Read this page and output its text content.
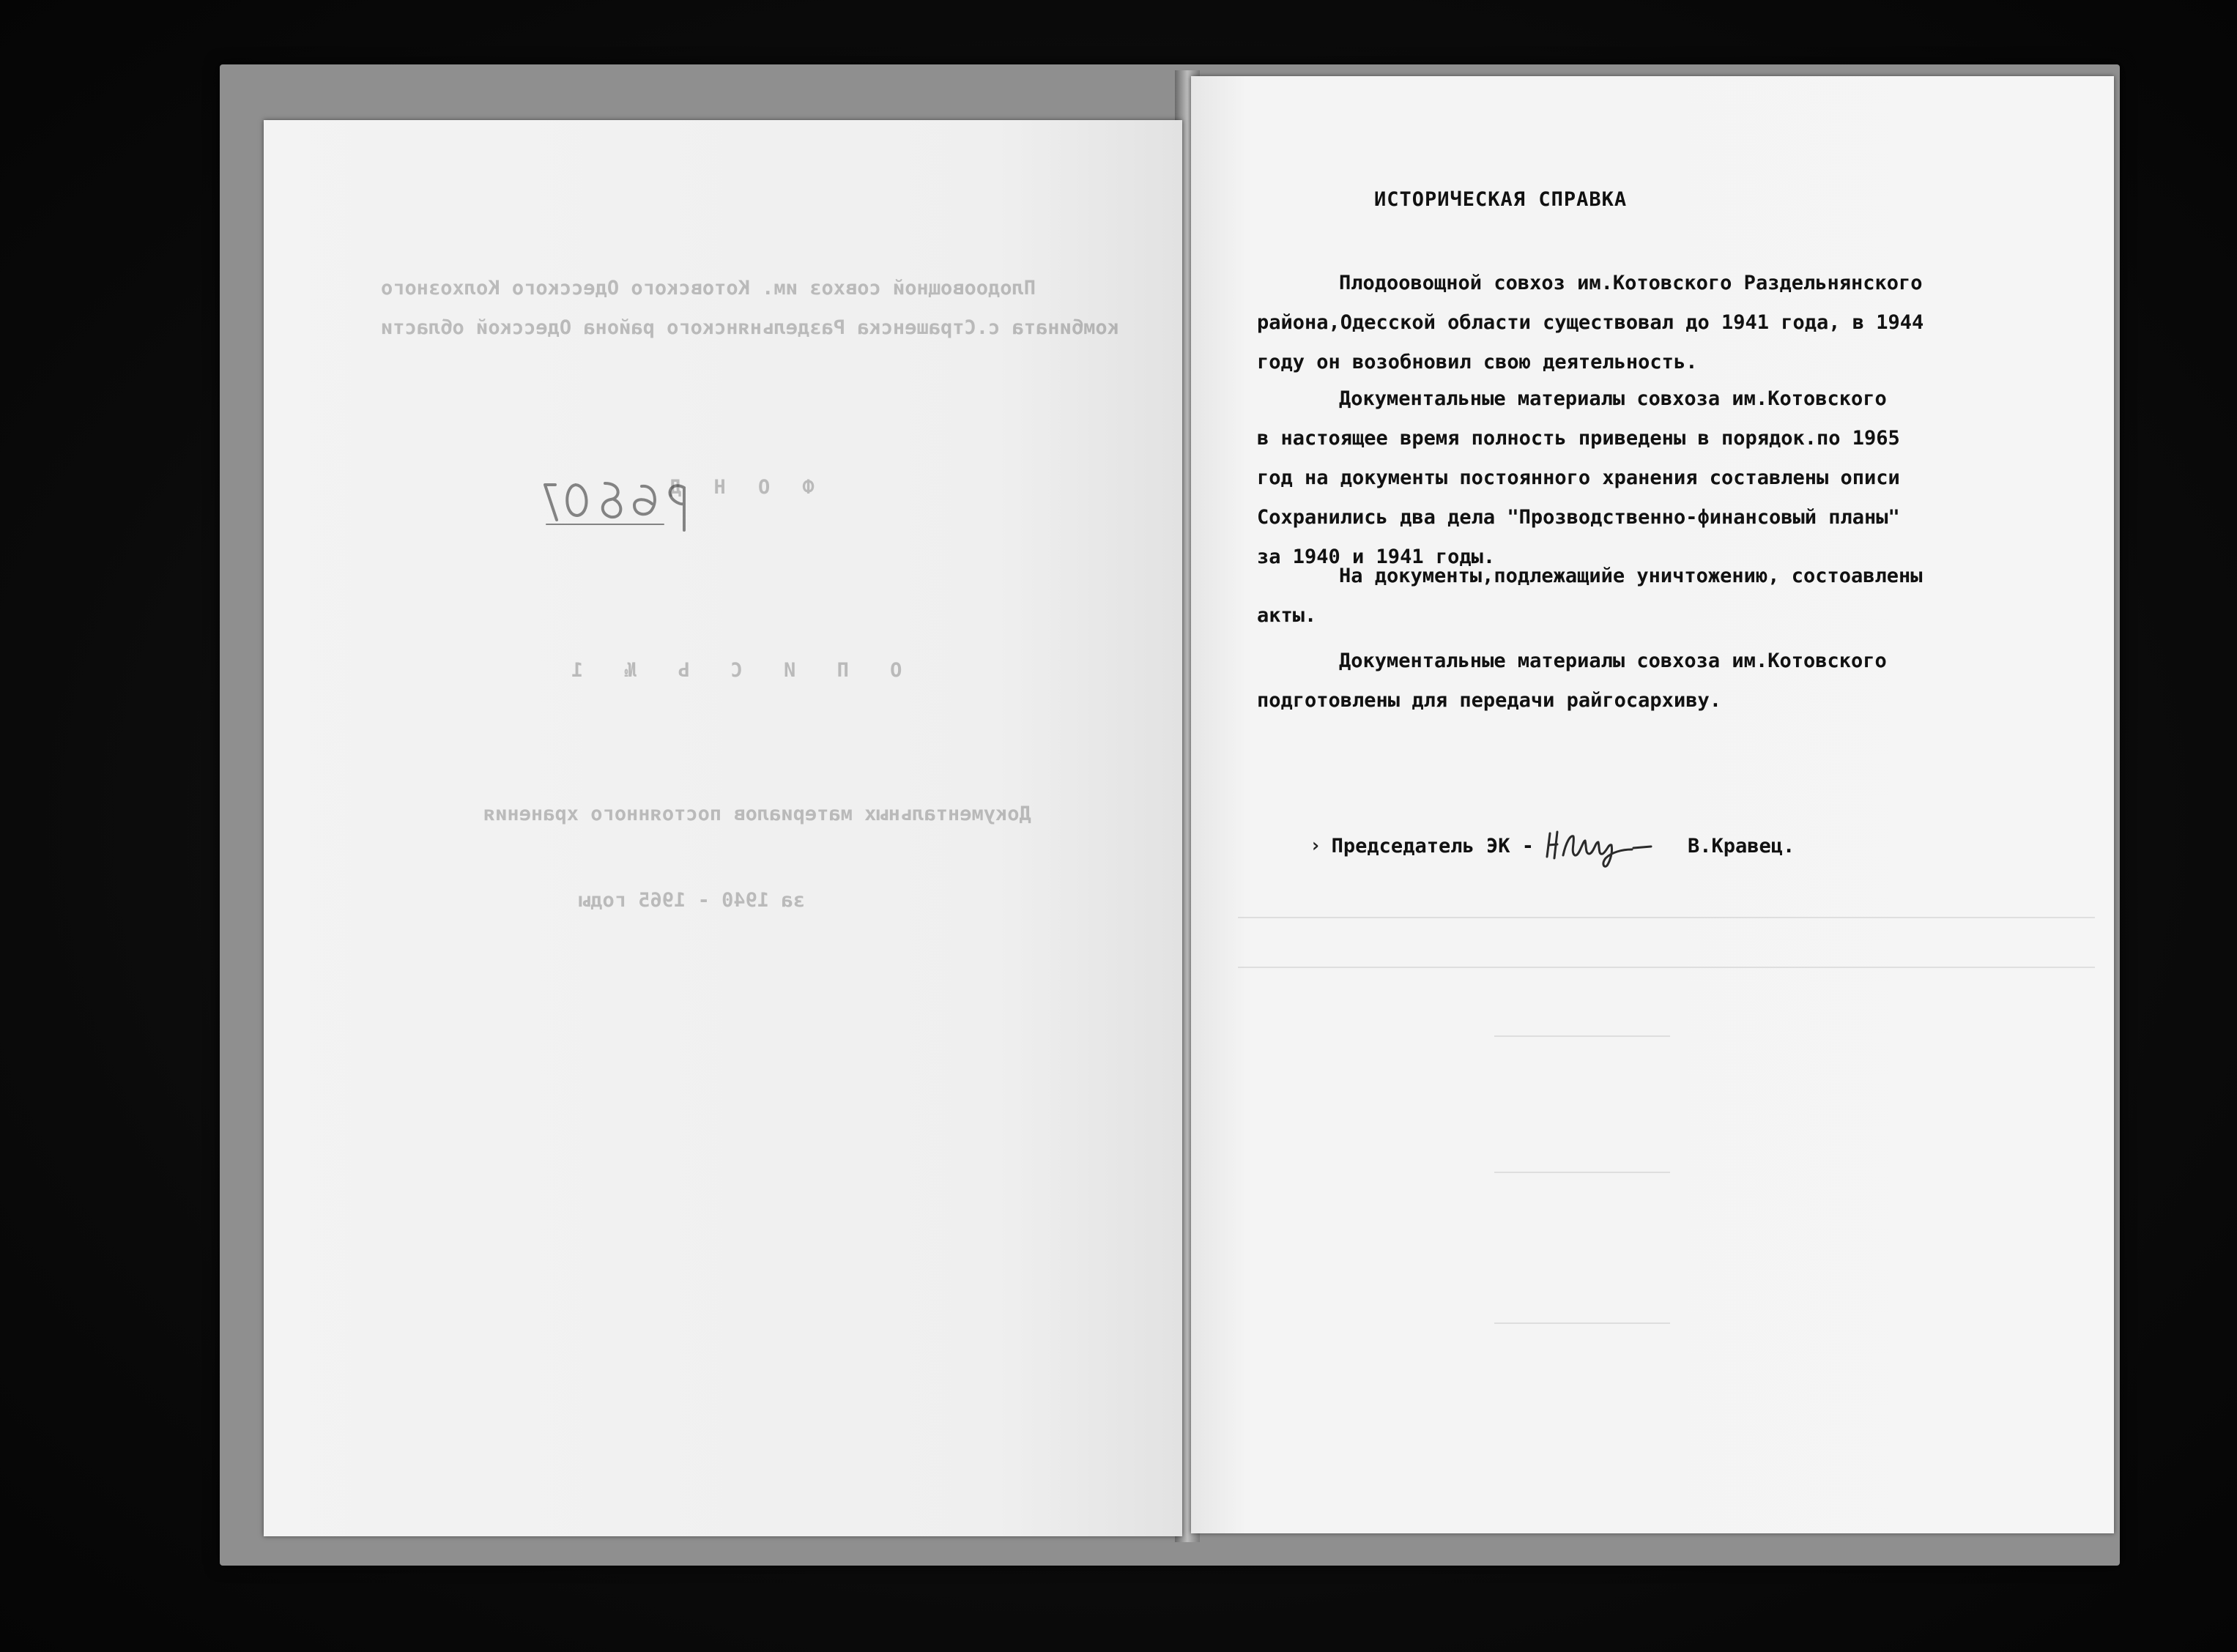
Плодоовощной совхоз им. Котовского Одесского Колхозного
комбината с.Страшенска Раздельнянского района Одесской области
Ф О Н Д
О П И С Ь № 1
Документальных материалов постоянного хранения
за 1940 - 1965 годы
ИСТОРИЧЕСКАЯ СПРАВКА
Плодоовощной совхоз им.Котовского Раздельнянского
района,Одесской области существовал до 1941 года, в 1944
году он возобновил свою деятельность.
Документальные материалы совхоза им.Котовского
в настоящее время полность приведены в порядок.по 1965
год на документы постоянного хранения составлены описи
Сохранились два дела "Прозводственно-финансовый планы"
за 1940 и 1941 годы.
На документы,подлежащийе уничтожению, состоавлены
акты.
Документальные материалы совхоза им.Котовского
подготовлены для передачи райгосархиву.
› Председатель ЭК -	В.Кравец.
